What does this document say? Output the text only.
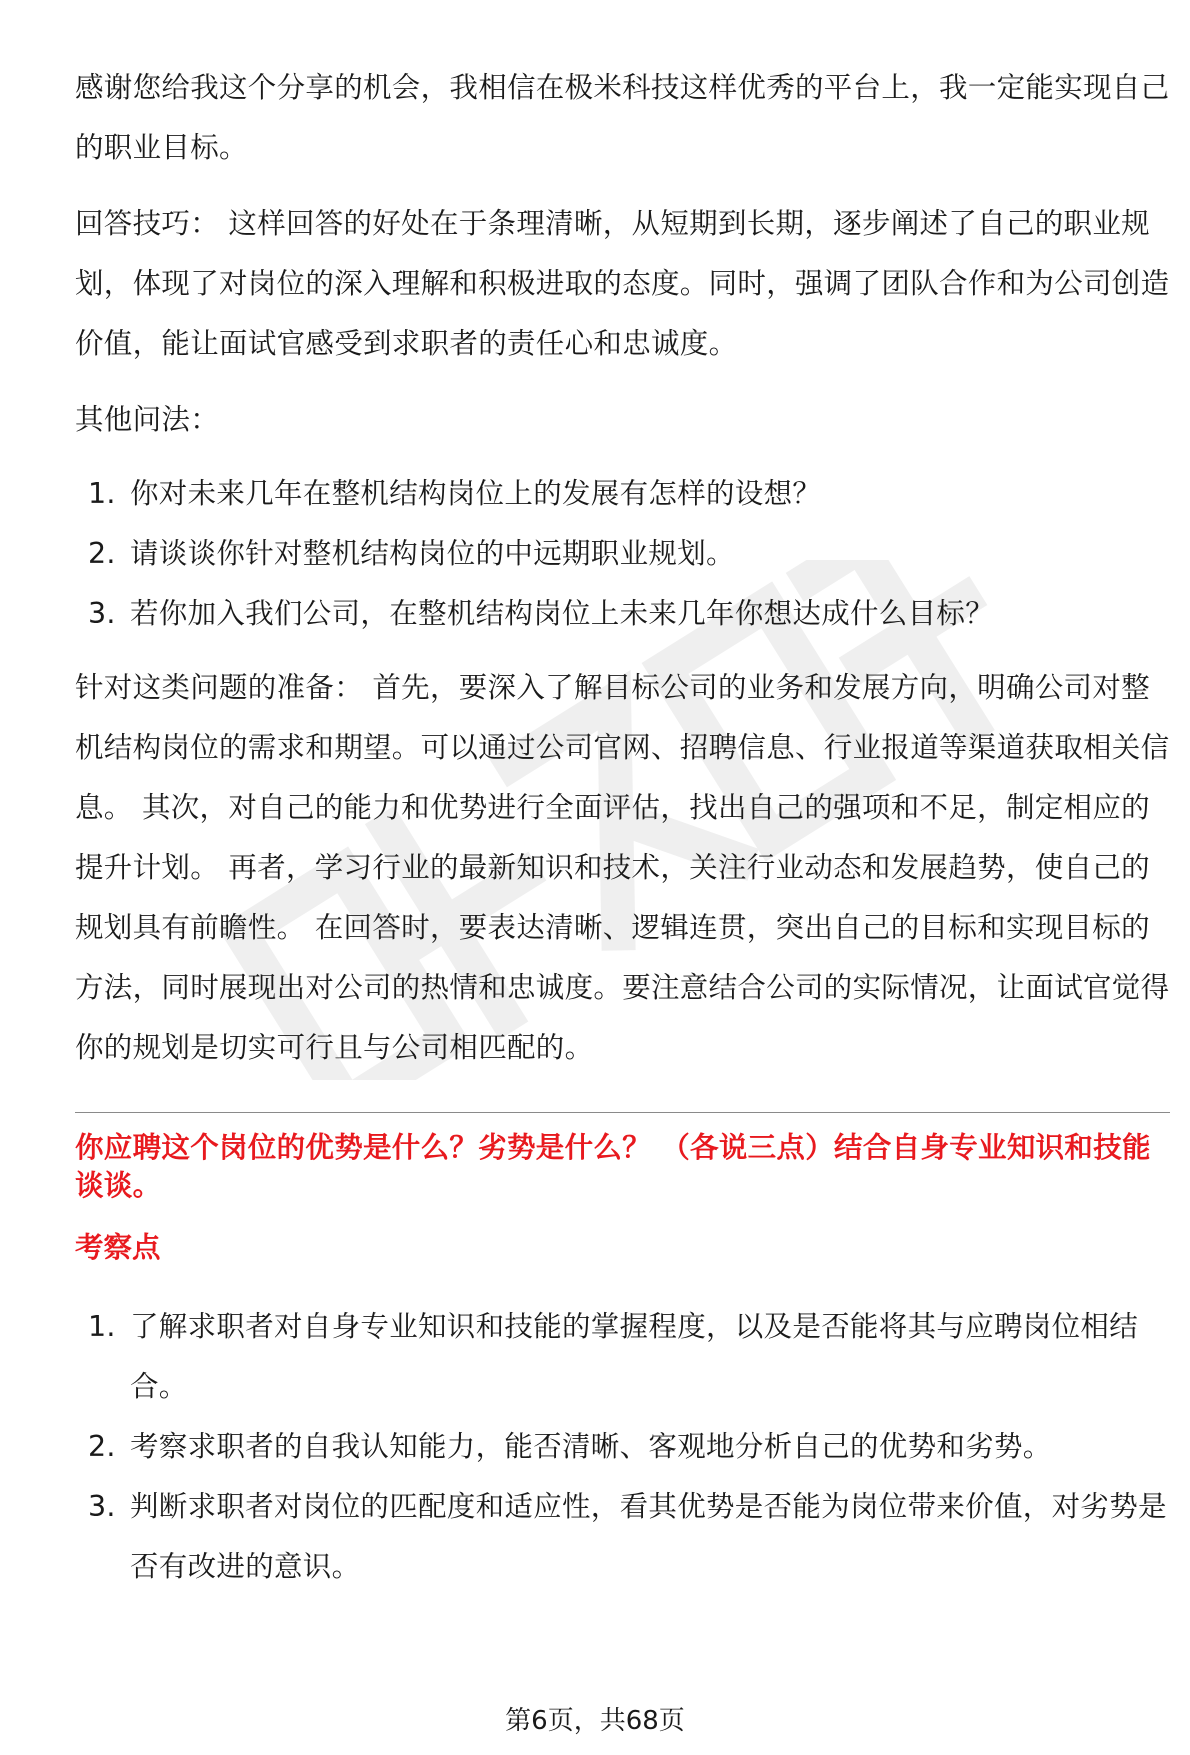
感谢您给我这个分享的机会，我相信在极米科技这样优秀的平台上，我一定能实现自己的职业目标。

回答技巧： 这样回答的好处在于条理清晰，从短期到长期，逐步阐述了自己的职业规划，体现了对岗位的深入理解和积极进取的态度。同时，强调了团队合作和为公司创造价值，能让面试官感受到求职者的责任心和忠诚度。

其他问法：

1. 你对未来几年在整机结构岗位上的发展有怎样的设想？
2. 请谈谈你针对整机结构岗位的中远期职业规划。
3. 若你加入我们公司，在整机结构岗位上未来几年你想达成什么目标？

针对这类问题的准备： 首先，要深入了解目标公司的业务和发展方向，明确公司对整机结构岗位的需求和期望。可以通过公司官网、招聘信息、行业报道等渠道获取相关信息。 其次，对自己的能力和优势进行全面评估，找出自己的强项和不足，制定相应的提升计划。 再者，学习行业的最新知识和技术，关注行业动态和发展趋势，使自己的规划具有前瞻性。 在回答时，要表达清晰、逻辑连贯，突出自己的目标和实现目标的方法，同时展现出对公司的热情和忠诚度。要注意结合公司的实际情况，让面试官觉得你的规划是切实可行且与公司相匹配的。

你应聘这个岗位的优势是什么？劣势是什么？ （各说三点）结合自身专业知识和技能谈谈。

考察点

1. 了解求职者对自身专业知识和技能的掌握程度，以及是否能将其与应聘岗位相结合。
2. 考察求职者的自我认知能力，能否清晰、客观地分析自己的优势和劣势。
3. 判断求职者对岗位的匹配度和适应性，看其优势是否能为岗位带来价值，对劣势是否有改进的意识。
第6页，共68页
